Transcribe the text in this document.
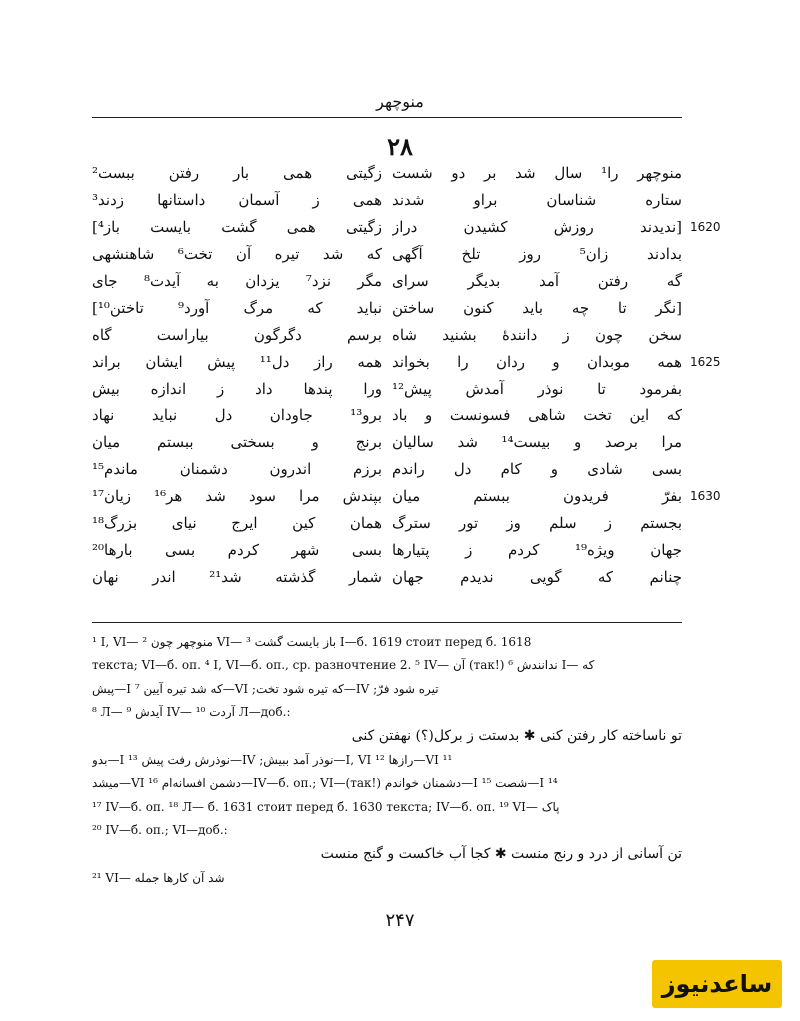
منوچهر
۲۸
زگیتی همی بار رفتن ببست² منوچهر را¹ سال شد بر دو شست
همی ز آسمان داستانها زدند³ ستاره شناسان براو شدند
زگیتی همی گشت بایست باز⁴] [ندیدند روزش کشیدن دراز 1620
که شد تیره آن تخت⁶ شاهنشهی بدادند زان⁵ روز تلخ آگهی
مگر نزد⁷ یزدان به آیدت⁸ جای گه رفتن آمد بدیگر سرای
نباید که مرگ آورد⁹ تاختن¹⁰] [نگر تا چه باید کنون ساختن
برسم دگرگون بیاراست گاه سخن چون ز دانندهٔ بشنید شاه
همه راز دل¹¹ پیش ایشان براند همه موبدان و ردان را بخواند 1625
ورا پندها داد ز اندازه بیش بفرمود تا نوذر آمدش پیش¹²
برو¹³ جاودان دل نباید نهاد که این تخت شاهی فسونست و باد
برنج و بسختی ببستم میان مرا برصد و بیست¹⁴ شد سالیان
برزم اندرون دشمنان ماندم¹⁵ بسی شادی و کام دل راندم
بپندش مرا سود شد هر¹⁶ زیان¹⁷ بفرّ فریدون ببستم میان 1630
همان کین ایرج نیای بزرگ¹⁸ بجستم ز سلم وز تور سترگ
بسی شهر کردم بسی بارها²⁰ جهان ویژه¹⁹ کردم ز پتیارها
شمار گذشته شد²¹ اندر نهان چنانم که گویی ندیدم جهان
¹ I, VI— منوچهر چون ² VI— باز بایست گشت ³ I—б. 1619 стоит перед б. 1618
текста; VI—б. оп. ⁴ I, VI—б. оп., ср. разночтение 2. ⁵ IV— آن (так!) ندانندش ⁶ I— که
پیش—I ⁷ که شد تیره آیین—VI ;که تیره شود تخت—IV ;تیره شود فرّ
⁸ Л— آیدش ⁹ IV— آردت ¹⁰ Л—доб.:
تو ناساخته کار رفتن کنی ✱ بدستت ز برکل(؟) نهفتن کنی
بدو—I ¹³ نوذرش رفت پیش—IV ;نوذر آمد ببیش—I, VI ¹² رازها—VI ¹¹
میشد—VI ¹⁶ دشمن افسانه‌ام—IV—б. оп.; VI—(так!) دشمنان خواندم—I ¹⁵ شصت—I ¹⁴
¹⁷ IV—б. оп. ¹⁸ Л— б. 1631 стоит перед б. 1630 текста; IV—б. оп. ¹⁹ VI— پاک
²⁰ IV—б. оп.; VI—доб.:
تن آسانی از درد و رنج منست ✱ کجا آب خاکست و گنج منست
²¹ VI— شد آن کارها جمله
۲۴۷
ساعدنیوز
